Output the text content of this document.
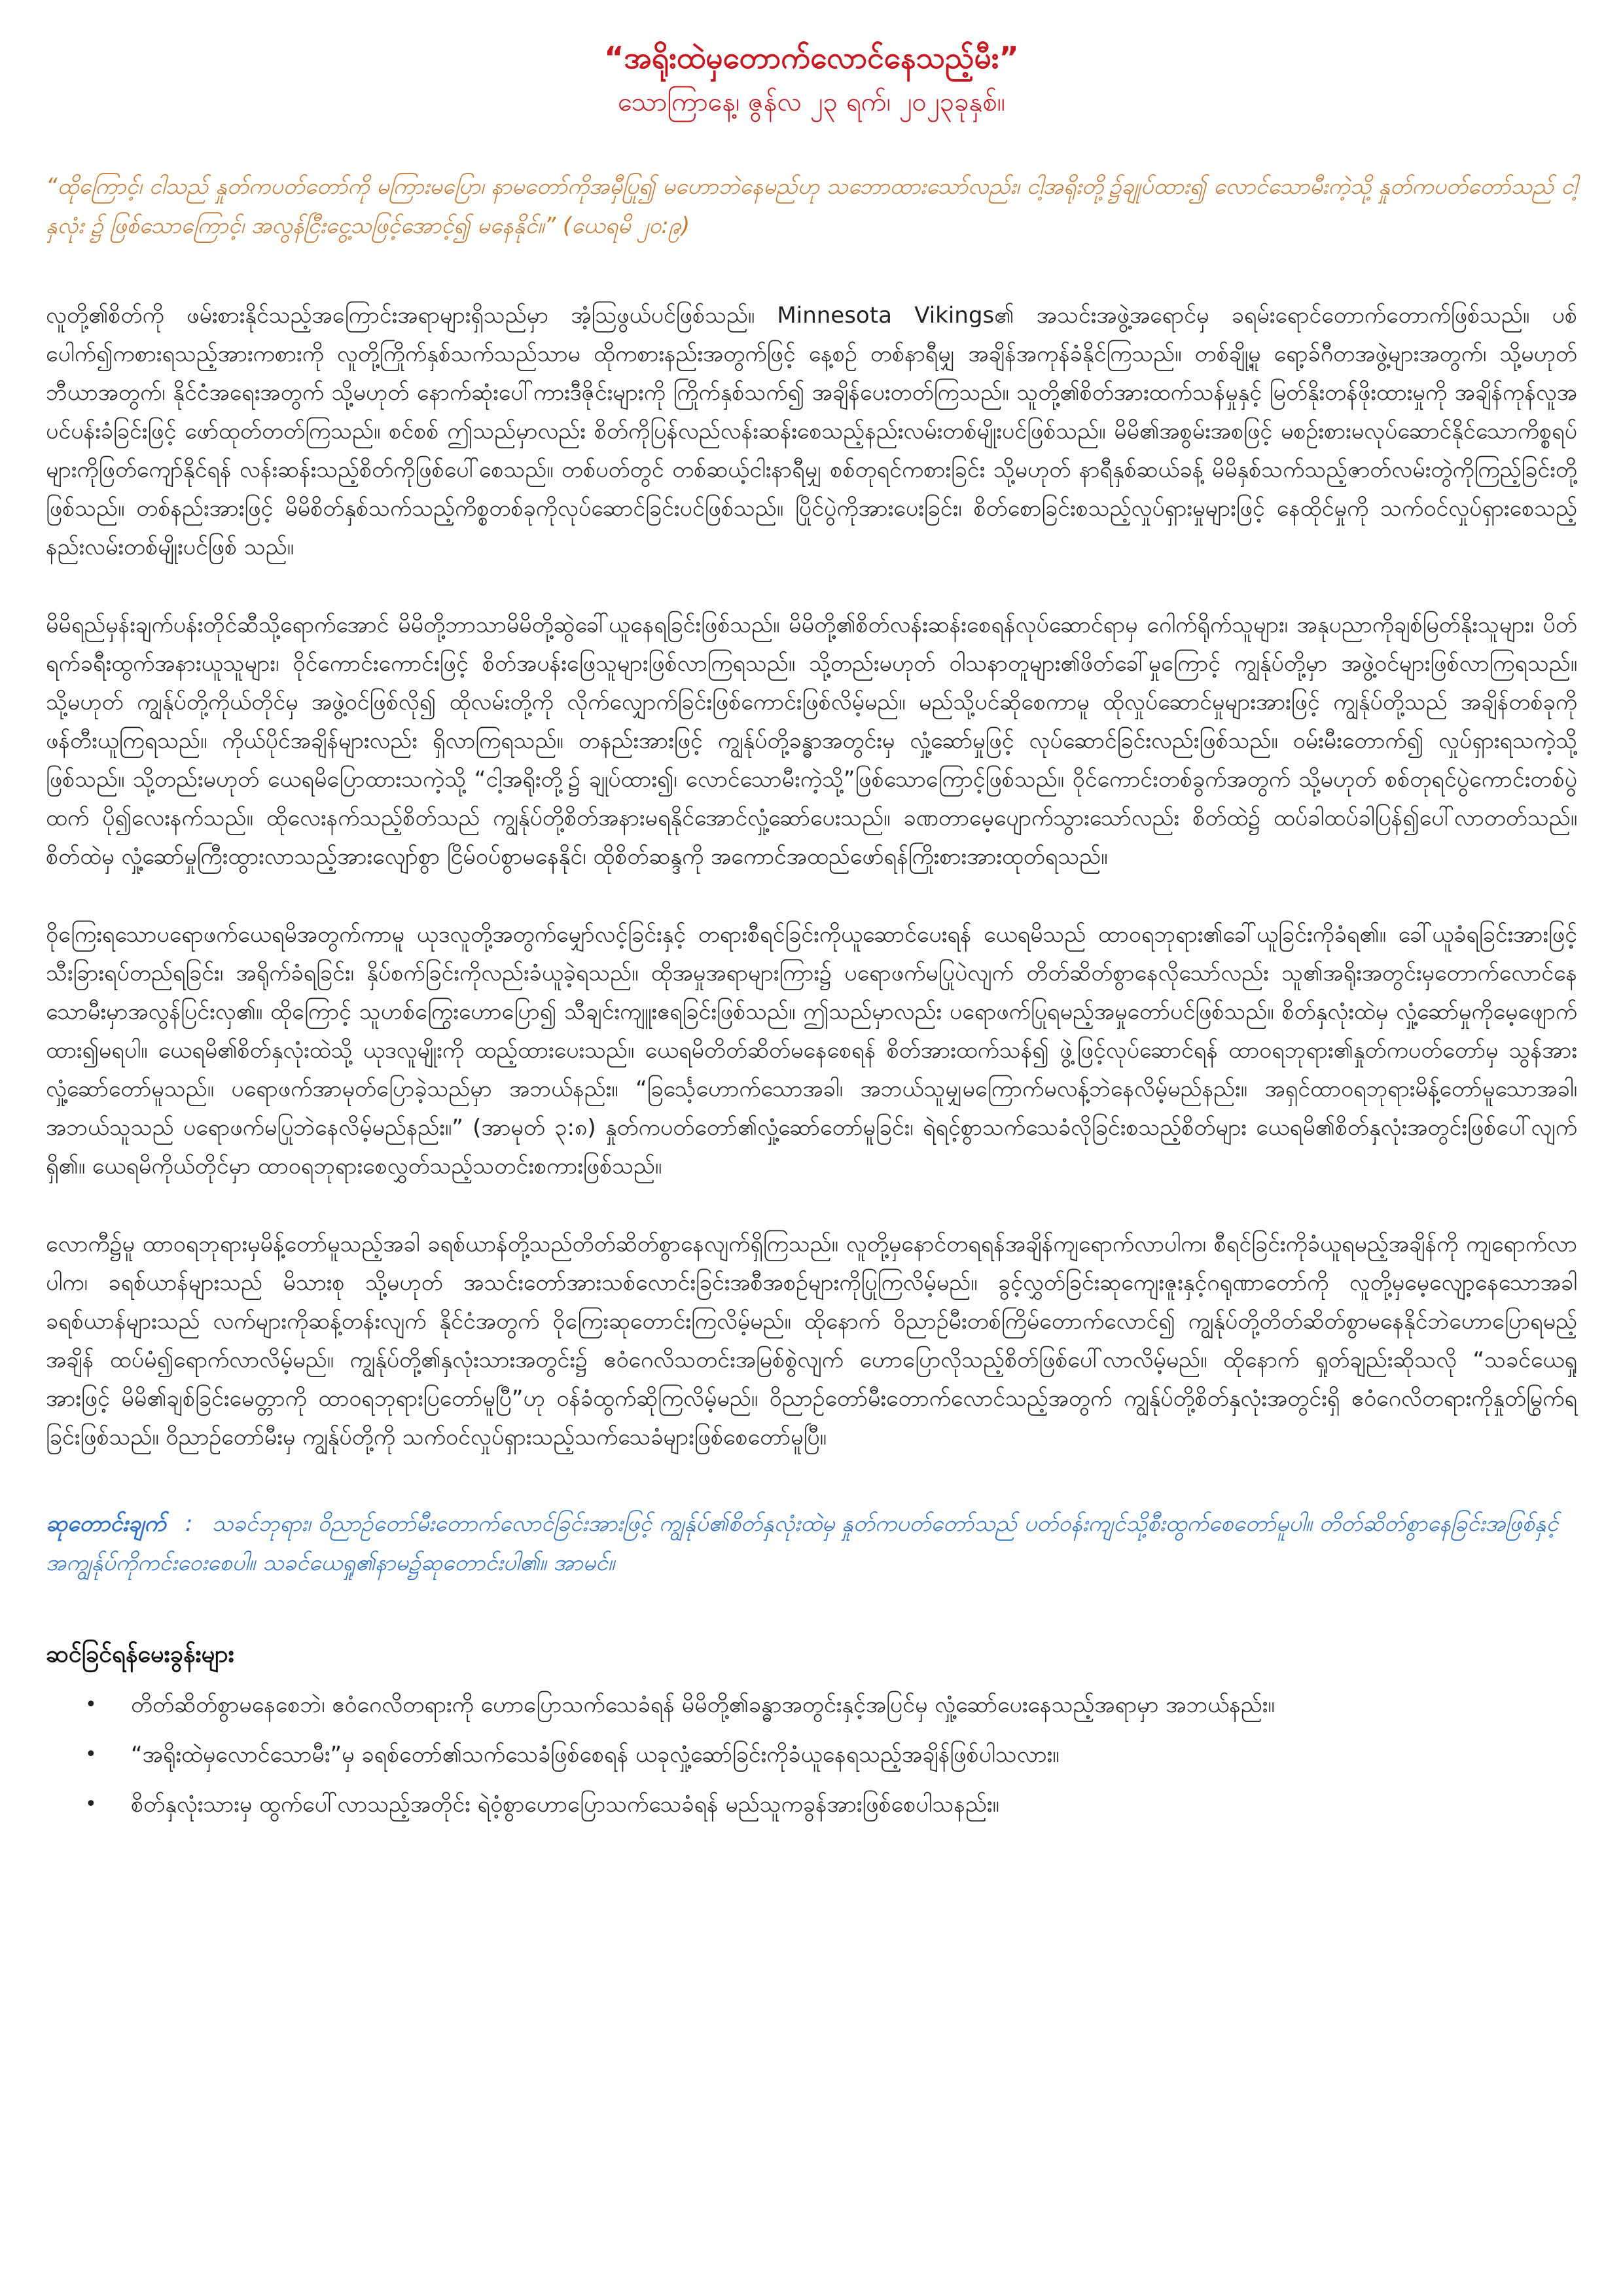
“အရိုးထဲမှတောက်လောင်နေသည့်မီး”

သောကြာနေ့၊ ဇွန်လ ၂၃ ရက်၊ ၂၀၂၃ခုနှစ်။

“ထိုကြောင့်၊ ငါသည် နှုတ်ကပတ်တော်ကို မကြားမပြော၊ နာမတော်ကိုအမှီပြု၍ မဟောဘဲနေမည်ဟု သဘောထားသော်လည်း၊ ငါ့အရိုးတို့၌ချုပ်ထား၍ လောင်သောမီးကဲ့သို့ နှုတ်ကပတ်တော်သည် ငါ့နှလုံး ၌ ဖြစ်သောကြောင့်၊ အလွန်ငြီးငွေ့သဖြင့်အောင့်၍ မနေနိုင်။” (ယေရမိ ၂၀:၉)

လူတို့၏စိတ်ကို ဖမ်းစားနိုင်သည့်အကြောင်းအရာများရှိသည်မှာ အံ့သြဖွယ်ပင်ဖြစ်သည်။ Minnesota Vikings၏ အသင်းအဖွဲ့အရောင်မှ ခရမ်းရောင်တောက်တောက်ဖြစ်သည်။ ပစ်ပေါက်၍ကစားရသည့်အားကစားကို လူတို့ကြိုက်နှစ်သက်သည်သာမ ထိုကစားနည်းအတွက်ဖြင့် နေ့စဉ် တစ်နာရီမျှ အချိန်အကုန်ခံနိုင်ကြသည်။ တစ်ချို့မူ ရော့ခ်ဂီတအဖွဲ့များအတွက်၊ သို့မဟုတ် ဘီယာအတွက်၊ နိုင်ငံအရေးအတွက် သို့မဟုတ် နောက်ဆုံးပေါ်ကားဒီဇိုင်းများကို ကြိုက်နှစ်သက်၍ အချိန်ပေးတတ်ကြသည်။ သူတို့၏စိတ်အားထက်သန်မှုနှင့် မြတ်နိုးတန်ဖိုးထားမှုကို အချိန်ကုန်လူအပင်ပန်းခံခြင်းဖြင့် ဖော်ထုတ်တတ်ကြသည်။ စင်စစ် ဤသည်မှာလည်း စိတ်ကိုပြန်လည်လန်းဆန်းစေသည့်နည်းလမ်းတစ်မျိုးပင်ဖြစ်သည်။ မိမိ၏အစွမ်းအစဖြင့် မစဉ်းစားမလုပ်ဆောင်နိုင်သောကိစ္စရပ်များကိုဖြတ်ကျော်နိုင်ရန် လန်းဆန်းသည့်စိတ်ကိုဖြစ်ပေါ်စေသည်။ တစ်ပတ်တွင် တစ်ဆယ့်ငါးနာရီမျှ စစ်တုရင်ကစားခြင်း သို့မဟုတ် နာရီနှစ်ဆယ်ခန့် မိမိနှစ်သက်သည့်ဇာတ်လမ်းတွဲကိုကြည့်ခြင်းတို့ဖြစ်သည်။ တစ်နည်းအားဖြင့် မိမိစိတ်နှစ်သက်သည့်ကိစ္စတစ်ခုကိုလုပ်ဆောင်ခြင်းပင်ဖြစ်သည်။ ပြိုင်ပွဲကိုအားပေးခြင်း၊ စိတ်စောခြင်းစသည့်လှုပ်ရှားမှုများဖြင့် နေထိုင်မှုကို သက်ဝင်လှုပ်ရှားစေသည့်နည်းလမ်းတစ်မျိုးပင်ဖြစ် သည်။

မိမိရည်မှန်းချက်ပန်းတိုင်ဆီသို့ရောက်အောင် မိမိတို့ဘာသာမိမိတို့ဆွဲခေါ်ယူနေရခြင်းဖြစ်သည်။ မိမိတို့၏စိတ်လန်းဆန်းစေရန်လုပ်ဆောင်ရာမှ ဂေါက်ရိုက်သူများ၊ အနုပညာကိုချစ်မြတ်နိုးသူများ၊ ပိတ်ရက်ခရီးထွက်အနားယူသူများ၊ ဝိုင်ကောင်းကောင်းဖြင့် စိတ်အပန်းဖြေသူများဖြစ်လာကြရသည်။ သို့တည်းမဟုတ် ဝါသနာတူများ၏ဖိတ်ခေါ်မှုကြောင့် ကျွန်ုပ်တို့မှာ အဖွဲ့ဝင်များဖြစ်လာကြရသည်။ သို့မဟုတ် ကျွန်ုပ်တို့ကိုယ်တိုင်မှ အဖွဲ့ဝင်ဖြစ်လို၍ ထိုလမ်းတို့ကို လိုက်လျှောက်ခြင်းဖြစ်ကောင်းဖြစ်လိမ့်မည်။ မည်သို့ပင်ဆိုစေကာမူ ထိုလှုပ်ဆောင်မှုများအားဖြင့် ကျွန်ုပ်တို့သည် အချိန်တစ်ခုကိုဖန်တီးယူကြရသည်။ ကိုယ်ပိုင်အချိန်များလည်း ရှိလာကြရသည်။ တနည်းအားဖြင့် ကျွန်ုပ်တို့ခန္ဓာအတွင်းမှ လှုံ့ဆော်မှုဖြင့် လုပ်ဆောင်ခြင်းလည်းဖြစ်သည်။ ဝမ်းမီးတောက်၍ လှုပ်ရှားရသကဲ့သို့ဖြစ်သည်။ သို့တည်းမဟုတ် ယေရမိပြောထားသကဲ့သို့ “ငါ့အရိုးတို့၌ ချုပ်ထား၍၊ လောင်သောမီးကဲ့သို့”ဖြစ်သောကြောင့်ဖြစ်သည်။ ဝိုင်ကောင်းတစ်ခွက်အတွက် သို့မဟုတ် စစ်တုရင်ပွဲကောင်းတစ်ပွဲထက် ပို၍လေးနက်သည်။ ထိုလေးနက်သည့်စိတ်သည် ကျွန်ုပ်တို့စိတ်အနားမရနိုင်အောင်လှုံ့ဆော်ပေးသည်။ ခဏတာမေ့ပျောက်သွားသော်လည်း စိတ်ထဲ၌ ထပ်ခါထပ်ခါပြန်၍ပေါ်လာတတ်သည်။ စိတ်ထဲမှ လှုံ့ဆော်မှုကြီးထွားလာသည့်အားလျော်စွာ ငြိမ်ဝပ်စွာမနေနိုင်၊ ထိုစိတ်ဆန္ဒကို အကောင်အထည်ဖော်ရန်ကြိုးစားအားထုတ်ရသည်။

ဝိုကြေးရသောပရောဖက်ယေရမိအတွက်ကာမူ ယုဒလူတို့အတွက်မျှော်လင့်ခြင်းနှင့် တရားစီရင်ခြင်းကိုယူဆောင်ပေးရန် ယေရမိသည် ထာဝရဘုရား၏ခေါ်ယူခြင်းကိုခံရ၏။ ခေါ်ယူခံရခြင်းအားဖြင့် သီးခြားရပ်တည်ရခြင်း၊ အရိုက်ခံရခြင်း၊ နှိပ်စက်ခြင်းကိုလည်းခံယူခဲ့ရသည်။ ထိုအမှုအရာများကြား၌ ပရောဖက်မပြုပဲလျက် တိတ်ဆိတ်စွာနေလိုသော်လည်း သူ၏အရိုးအတွင်းမှတောက်လောင်နေသောမီးမှာအလွန်ပြင်းလှ၏။ ထိုကြောင့် သူဟစ်ကြွေးဟောပြော၍ သီချင်းကျူးဧရခြင်းဖြစ်သည်။ ဤသည်မှာလည်း ပရောဖက်ပြုရမည့်အမှုတော်ပင်ဖြစ်သည်။ စိတ်နှလုံးထဲမှ လှုံ့ဆော်မှုကိုမေ့ဖျောက်ထား၍မရပါ။ ယေရမိ၏စိတ်နှလုံးထဲသို့ ယုဒလူမျိုးကို ထည့်ထားပေးသည်။ ယေရမိတိတ်ဆိတ်မနေစေရန် စိတ်အားထက်သန်၍ ဖွဲ့ဖြင့်လုပ်ဆောင်ရန် ထာဝရဘုရား၏နှုတ်ကပတ်တော်မှ သွန်အားလှုံ့ဆော်တော်မူသည်။ ပရောဖက်အာမုတ်ပြောခဲ့သည်မှာ အဘယ်နည်း။ “ခြင်္သေ့ဟောက်သောအခါ၊ အဘယ်သူမျှမကြောက်မလန့်ဘဲနေလိမ့်မည်နည်း။ အရှင်ထာဝရဘုရားမိန့်တော်မူသောအခါ၊ အဘယ်သူသည် ပရောဖက်မပြုဘဲနေလိမ့်မည်နည်း။” (အာမုတ် ၃:၈) နှုတ်ကပတ်တော်၏လှုံ့ဆော်တော်မူခြင်း၊ ရဲရင့်စွာသက်သေခံလိုခြင်းစသည့်စိတ်များ ယေရမိ၏စိတ်နှလုံးအတွင်းဖြစ်ပေါ်လျက်ရှိ၏။ ယေရမိကိုယ်တိုင်မှာ ထာဝရဘုရားစေလွှတ်သည့်သတင်းစကားဖြစ်သည်။

လောကီ၌မူ ထာဝရဘုရားမှမိန့်တော်မူသည့်အခါ ခရစ်ယာန်တို့သည်တိတ်ဆိတ်စွာနေလျက်ရှိကြသည်။ လူတို့မှနောင်တရရန်အချိန်ကျရောက်လာပါက၊ စီရင်ခြင်းကိုခံယူရမည့်အချိန်ကို ကျရောက်လာပါက၊ ခရစ်ယာန်များသည် မိသားစု သို့မဟုတ် အသင်းတော်အားသစ်လောင်းခြင်းအစီအစဉ်များကိုပြုကြလိမ့်မည်။ ခွင့်လွှတ်ခြင်းဆုကျေးဇူးနှင့်ဂရုဏာတော်ကို လူတို့မှမေ့လျော့နေသောအခါ ခရစ်ယာန်များသည် လက်များကိုဆန့်တန်းလျက် နိုင်ငံအတွက် ဝိုကြေးဆုတောင်းကြလိမ့်မည်။ ထိုနောက် ဝိညာဉ်မီးတစ်ကြိမ်တောက်လောင်၍ ကျွန်ုပ်တို့တိတ်ဆိတ်စွာမနေနိုင်ဘဲဟောပြောရမည့်အချိန် ထပ်မံ၍ရောက်လာလိမ့်မည်။ ကျွန်ုပ်တို့၏နှလုံးသားအတွင်း၌ ဧဝံဂေလိသတင်းအမြစ်စွဲလျက် ဟောပြောလိုသည့်စိတ်ဖြစ်ပေါ်လာလိမ့်မည်။ ထိုနောက် ရှုတ်ချည်းဆိုသလို “သခင်ယေရှုအားဖြင့် မိမိ၏ချစ်ခြင်းမေတ္တာကို ထာဝရဘုရားပြတော်မူပြီ”ဟု ဝန်ခံထွက်ဆိုကြလိမ့်မည်။ ဝိညာဉ်တော်မီးတောက်လောင်သည့်အတွက် ကျွန်ုပ်တို့စိတ်နှလုံးအတွင်းရှိ ဧဝံဂေလိတရားကိုနှုတ်မြွက်ရခြင်းဖြစ်သည်။ ဝိညာဉ်တော်မီးမှ ကျွန်ုပ်တို့ကို သက်ဝင်လှုပ်ရှားသည့်သက်သေခံများဖြစ်စေတော်မူပြီ။

ဆုတောင်းချက် : သခင်ဘုရား၊ ဝိညာဉ်တော်မီးတောက်လောင်ခြင်းအားဖြင့် ကျွန်ုပ်၏စိတ်နှလုံးထဲမှ နှုတ်ကပတ်တော်သည် ပတ်ဝန်းကျင်သို့စီးထွက်စေတော်မူပါ။ တိတ်ဆိတ်စွာနေခြင်းအဖြစ်နှင့် အကျွန်ုပ်ကိုကင်းဝေးစေပါ။ သခင်ယေရှု၏နာမ၌ဆုတောင်းပါ၏။ အာမင်။

ဆင်ခြင်ရန်မေးခွန်းများ

• တိတ်ဆိတ်စွာမနေစေဘဲ၊ ဧဝံဂေလိတရားကို ဟောပြောသက်သေခံရန် မိမိတို့၏ခန္ဓာအတွင်းနှင့်အပြင်မှ လှုံ့ဆော်ပေးနေသည့်အရာမှာ အဘယ်နည်း။
• “အရိုးထဲမှလောင်သောမီး”မှ ခရစ်တော်၏သက်သေခံဖြစ်စေရန် ယခုလှုံ့ဆော်ခြင်းကိုခံယူနေရသည့်အချိန်ဖြစ်ပါသလား။
• စိတ်နှလုံးသားမှ ထွက်ပေါ်လာသည့်အတိုင်း ရဲဝံ့စွာဟောပြောသက်သေခံရန် မည်သူကခွန်အားဖြစ်စေပါသနည်း။
